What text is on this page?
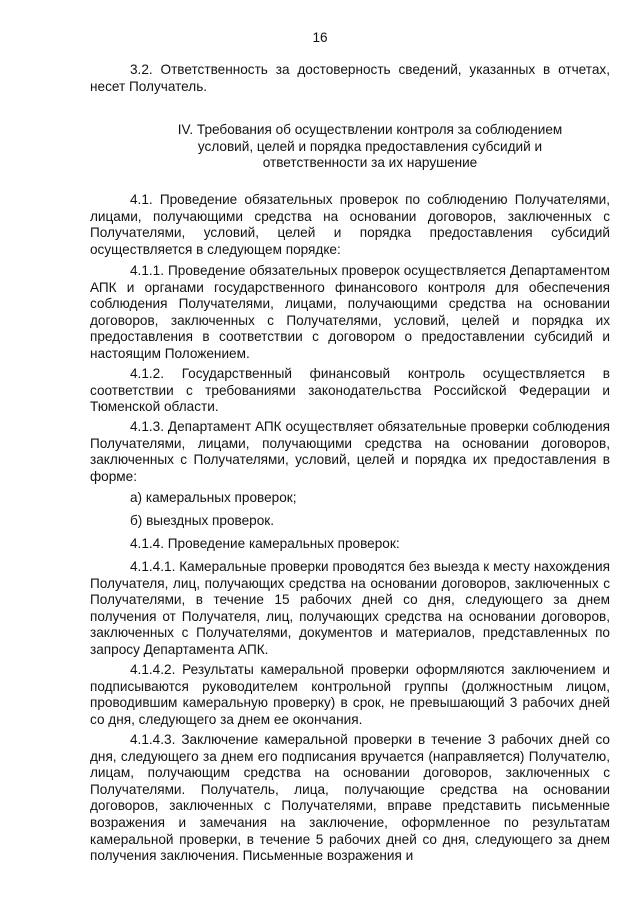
16
3.2. Ответственность за достоверность сведений, указанных в отчетах, несет Получатель.
IV. Требования об осуществлении контроля за соблюдением условий, целей и порядка предоставления субсидий и ответственности за их нарушение
4.1. Проведение обязательных проверок по соблюдению Получателями, лицами, получающими средства на основании договоров, заключенных с Получателями, условий, целей и порядка предоставления субсидий осуществляется в следующем порядке:
4.1.1. Проведение обязательных проверок осуществляется Департаментом АПК и органами государственного финансового контроля для обеспечения соблюдения Получателями, лицами, получающими средства на основании договоров, заключенных с Получателями, условий, целей и порядка их предоставления в соответствии с договором о предоставлении субсидий и настоящим Положением.
4.1.2. Государственный финансовый контроль осуществляется в соответствии с требованиями законодательства Российской Федерации и Тюменской области.
4.1.3. Департамент АПК осуществляет обязательные проверки соблюдения Получателями, лицами, получающими средства на основании договоров, заключенных с Получателями, условий, целей и порядка их предоставления в форме:
а) камеральных проверок;
б) выездных проверок.
4.1.4. Проведение камеральных проверок:
4.1.4.1. Камеральные проверки проводятся без выезда к месту нахождения Получателя, лиц, получающих средства на основании договоров, заключенных с Получателями, в течение 15 рабочих дней со дня, следующего за днем получения от Получателя, лиц, получающих средства на основании договоров, заключенных с Получателями, документов и материалов, представленных по запросу Департамента АПК.
4.1.4.2. Результаты камеральной проверки оформляются заключением и подписываются руководителем контрольной группы (должностным лицом, проводившим камеральную проверку) в срок, не превышающий 3 рабочих дней со дня, следующего за днем ее окончания.
4.1.4.3. Заключение камеральной проверки в течение 3 рабочих дней со дня, следующего за днем его подписания вручается (направляется) Получателю, лицам, получающим средства на основании договоров, заключенных с Получателями. Получатель, лица, получающие средства на основании договоров, заключенных с Получателями, вправе представить письменные возражения и замечания на заключение, оформленное по результатам камеральной проверки, в течение 5 рабочих дней со дня, следующего за днем получения заключения. Письменные возражения и
